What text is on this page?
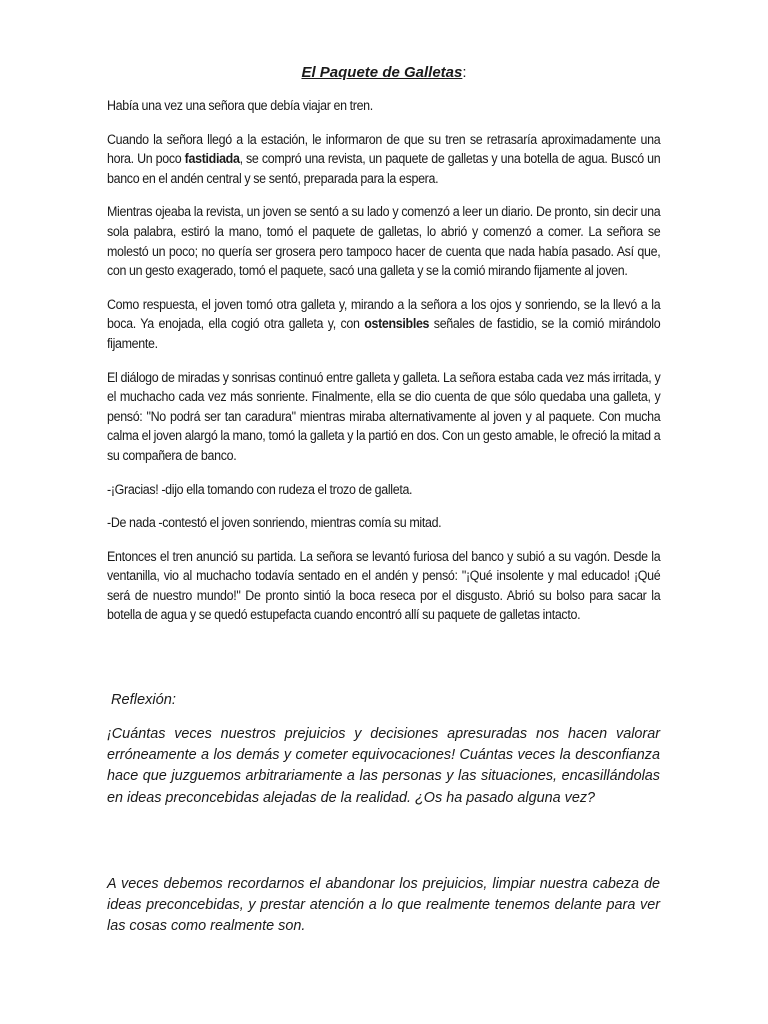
El Paquete de Galletas:

Había una vez una señora que debía viajar en tren.

Cuando la señora llegó a la estación, le informaron de que su tren se retrasaría aproximadamente una hora. Un poco fastidiada, se compró una revista, un paquete de galletas y una botella de agua. Buscó un banco en el andén central y se sentó, preparada para la espera.

Mientras ojeaba la revista, un joven se sentó a su lado y comenzó a leer un diario. De pronto, sin decir una sola palabra, estiró la mano, tomó el paquete de galletas, lo abrió y comenzó a comer. La señora se molestó un poco; no quería ser grosera pero tampoco hacer de cuenta que nada había pasado. Así que, con un gesto exagerado, tomó el paquete, sacó una galleta y se la comió mirando fijamente al joven.

Como respuesta, el joven tomó otra galleta y, mirando a la señora a los ojos y sonriendo, se la llevó a la boca. Ya enojada, ella cogió otra galleta y, con ostensibles señales de fastidio, se la comió mirándolo fijamente.

El diálogo de miradas y sonrisas continuó entre galleta y galleta. La señora estaba cada vez más irritada, y el muchacho cada vez más sonriente. Finalmente, ella se dio cuenta de que sólo quedaba una galleta, y pensó: "No podrá ser tan caradura" mientras miraba alternativamente al joven y al paquete. Con mucha calma el joven alargó la mano, tomó la galleta y la partió en dos. Con un gesto amable, le ofreció la mitad a su compañera de banco.

-¡Gracias! -dijo ella tomando con rudeza el trozo de galleta.

-De nada -contestó el joven sonriendo, mientras comía su mitad.

Entonces el tren anunció su partida. La señora se levantó furiosa del banco y subió a su vagón. Desde la ventanilla, vio al muchacho todavía sentado en el andén y pensó: "¡Qué insolente y mal educado! ¡Qué será de nuestro mundo!" De pronto sintió la boca reseca por el disgusto. Abrió su bolso para sacar la botella de agua y se quedó estupefacta cuando encontró allí su paquete de galletas intacto.

Reflexión:

¡Cuántas veces nuestros prejuicios y decisiones apresuradas nos hacen valorar erróneamente a los demás y cometer equivocaciones! Cuántas veces la desconfianza hace que juzguemos arbitrariamente a las personas y las situaciones, encasillándolas en ideas preconcebidas alejadas de la realidad. ¿Os ha pasado alguna vez?

A veces debemos recordarnos el abandonar los prejuicios, limpiar nuestra cabeza de ideas preconcebidas, y prestar atención a lo que realmente tenemos delante para ver las cosas como realmente son.
